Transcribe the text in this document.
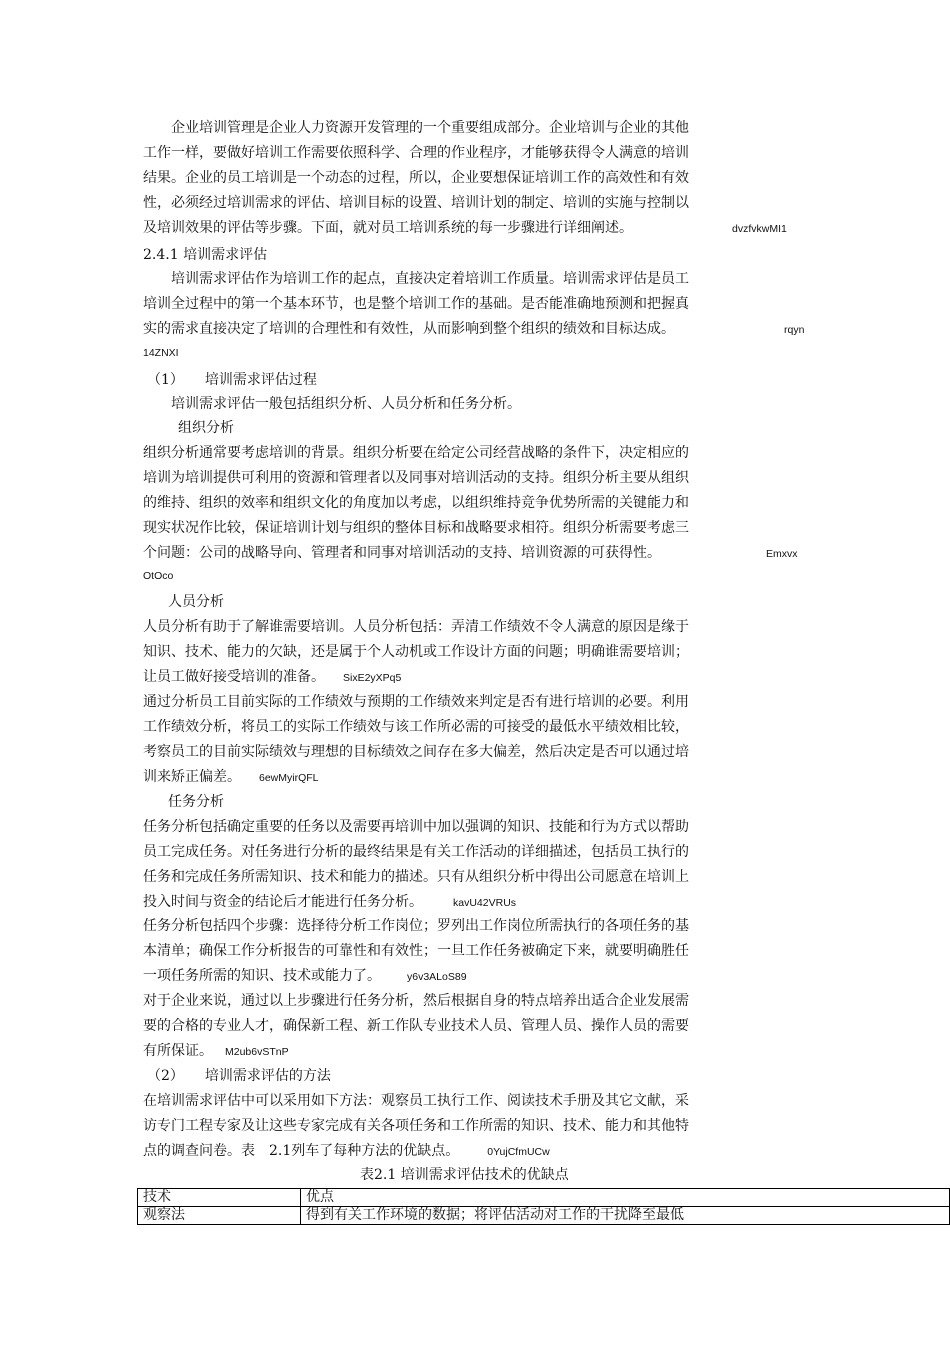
　　企业培训管理是企业人力资源开发管理的一个重要组成部分。企业培训与企业的其他
工作一样，要做好培训工作需要依照科学、合理的作业程序，才能够获得令人满意的培训
结果。企业的员工培训是一个动态的过程，所以，企业要想保证培训工作的高效性和有效
性，必须经过培训需求的评估、培训目标的设置、培训计划的制定、培训的实施与控制以
及培训效果的评估等步骤。下面，就对员工培训系统的每一步骤进行详细阐述。	dvzfvkwMI1
2.4.1 培训需求评估
　　培训需求评估作为培训工作的起点，直接决定着培训工作质量。培训需求评估是员工
培训全过程中的第一个基本环节，也是整个培训工作的基础。是否能准确地预测和把握真
实的需求直接决定了培训的合理性和有效性，从而影响到整个组织的绩效和目标达成。	rqyn
14ZNXI
（1）　　培训需求评估过程
　　培训需求评估一般包括组织分析、人员分析和任务分析。
　　组织分析
组织分析通常要考虑培训的背景。组织分析要在给定公司经营战略的条件下，决定相应的
培训为培训提供可利用的资源和管理者以及同事对培训活动的支持。组织分析主要从组织
的维持、组织的效率和组织文化的角度加以考虑，以组织维持竞争优势所需的关键能力和
现实状况作比较，保证培训计划与组织的整体目标和战略要求相符。组织分析需要考虑三
个问题：公司的战略导向、管理者和同事对培训活动的支持、培训资源的可获得性。	Emxvx
OtOco
　　人员分析
人员分析有助于了解谁需要培训。人员分析包括：弄清工作绩效不令人满意的原因是缘于
知识、技术、能力的欠缺，还是属于个人动机或工作设计方面的问题；明确谁需要培训；
让员工做好接受培训的准备。 SixE2yXPq5
通过分析员工目前实际的工作绩效与预期的工作绩效来判定是否有进行培训的必要。利用
工作绩效分析，将员工的实际工作绩效与该工作所必需的可接受的最低水平绩效相比较，
考察员工的目前实际绩效与理想的目标绩效之间存在多大偏差，然后决定是否可以通过培
训来矫正偏差。 6ewMyirQFL
　　任务分析
任务分析包括确定重要的任务以及需要再培训中加以强调的知识、技能和行为方式以帮助
员工完成任务。对任务进行分析的最终结果是有关工作活动的详细描述，包括员工执行的
任务和完成任务所需知识、技术和能力的描述。只有从组织分析中得出公司愿意在培训上
投入时间与资金的结论后才能进行任务分析。	kavU42VRUs
任务分析包括四个步骤：选择待分析工作岗位；罗列出工作岗位所需执行的各项任务的基
本清单；确保工作分析报告的可靠性和有效性；一旦工作任务被确定下来，就要明确胜任
一项任务所需的知识、技术或能力了。 y6v3ALoS89
对于企业来说，通过以上步骤进行任务分析，然后根据自身的特点培养出适合企业发展需
要的合格的专业人才，确保新工程、新工作队专业技术人员、管理人员、操作人员的需要
有所保证。 M2ub6vSTnP
（2）　　培训需求评估的方法
在培训需求评估中可以采用如下方法：观察员工执行工作、阅读技术手册及其它文献，采
访专门工程专家及让这些专家完成有关各项任务和工作所需的知识、技术、能力和其他特
点的调查问卷。表　2.1列车了每种方法的优缺点。	0YujCfmUCw
表2.1 培训需求评估技术的优缺点
技术	优点
观察法	得到有关工作环境的数据；将评估活动对工作的干扰降至最低
